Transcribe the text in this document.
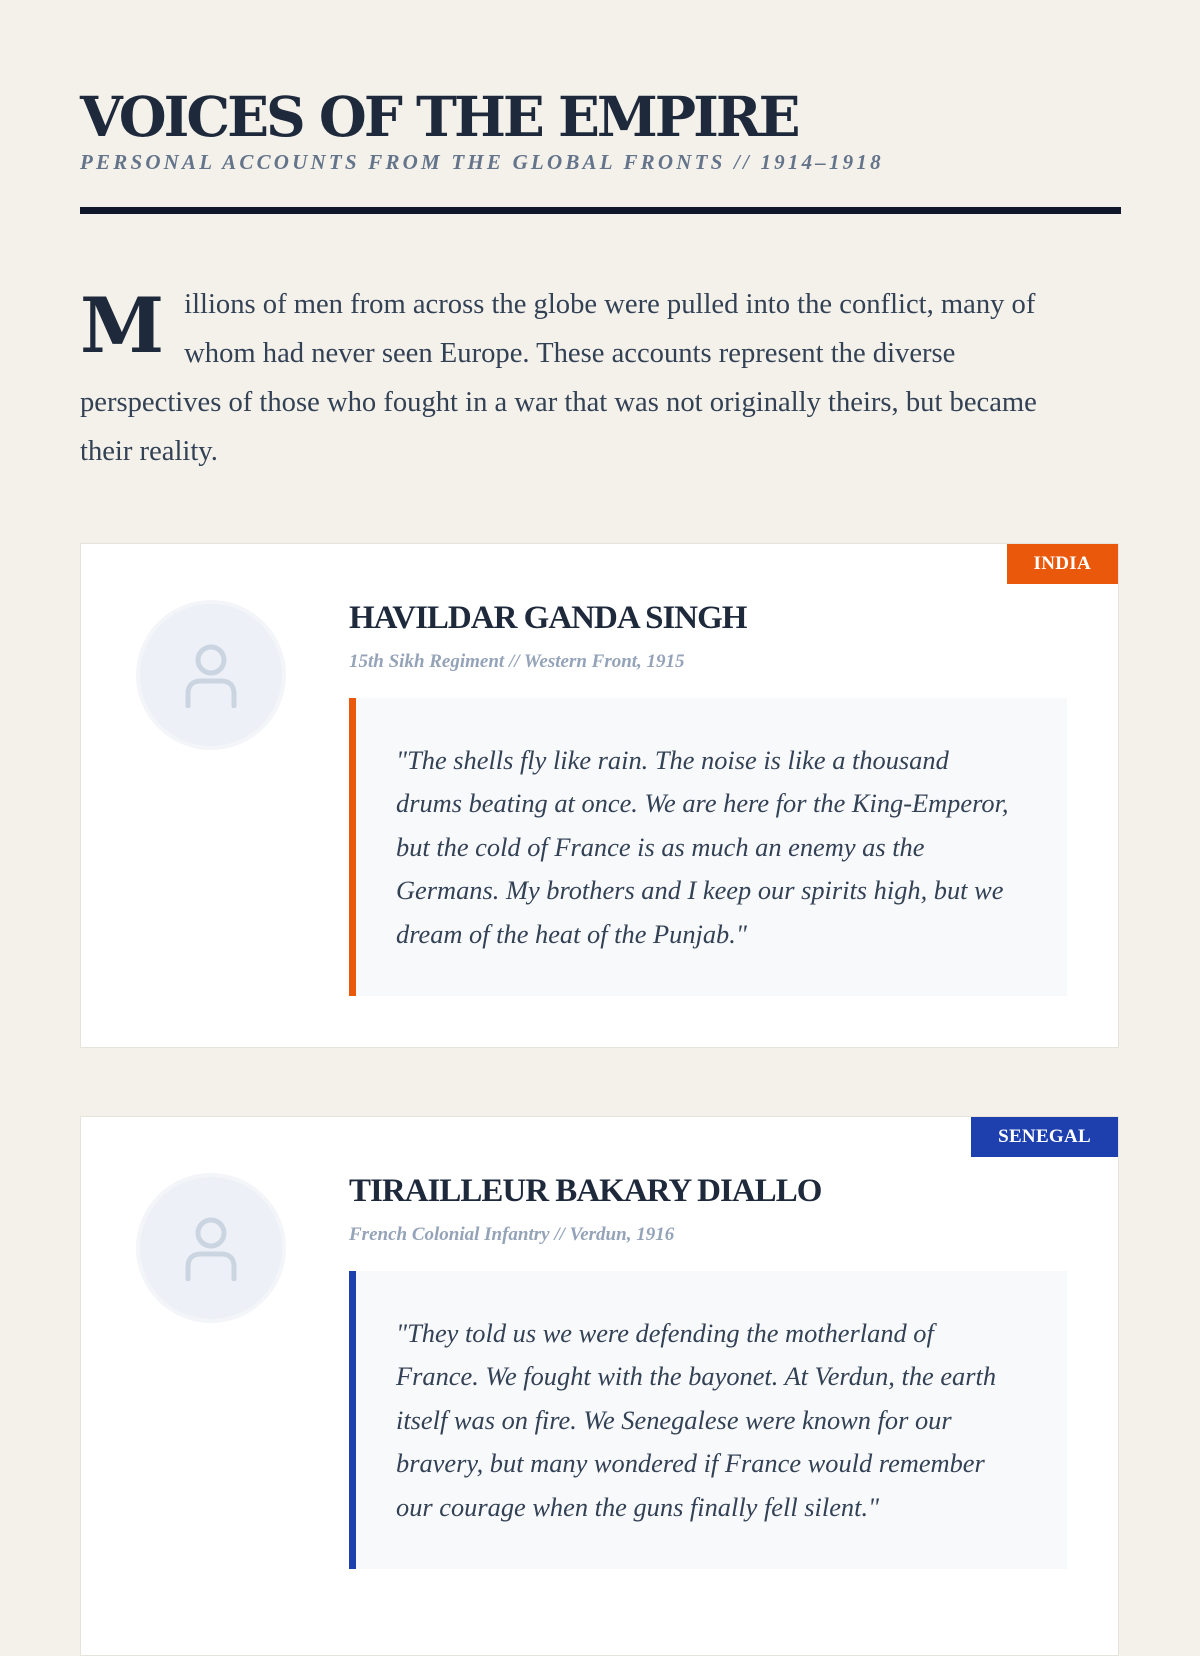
VOICES OF THE EMPIRE
PERSONAL ACCOUNTS FROM THE GLOBAL FRONTS // 1914–1918

Millions of men from across the globe were pulled into the conflict, many of whom had never seen Europe. These accounts represent the diverse perspectives of those who fought in a war that was not originally theirs, but became their reality.

INDIA
HAVILDAR GANDA SINGH
15th Sikh Regiment // Western Front, 1915

"The shells fly like rain. The noise is like a thousand drums beating at once. We are here for the King-Emperor, but the cold of France is as much an enemy as the Germans. My brothers and I keep our spirits high, but we dream of the heat of the Punjab."

SENEGAL
TIRAILLEUR BAKARY DIALLO
French Colonial Infantry // Verdun, 1916

"They told us we were defending the motherland of France. We fought with the bayonet. At Verdun, the earth itself was on fire. We Senegalese were known for our bravery, but many wondered if France would remember our courage when the guns finally fell silent."
